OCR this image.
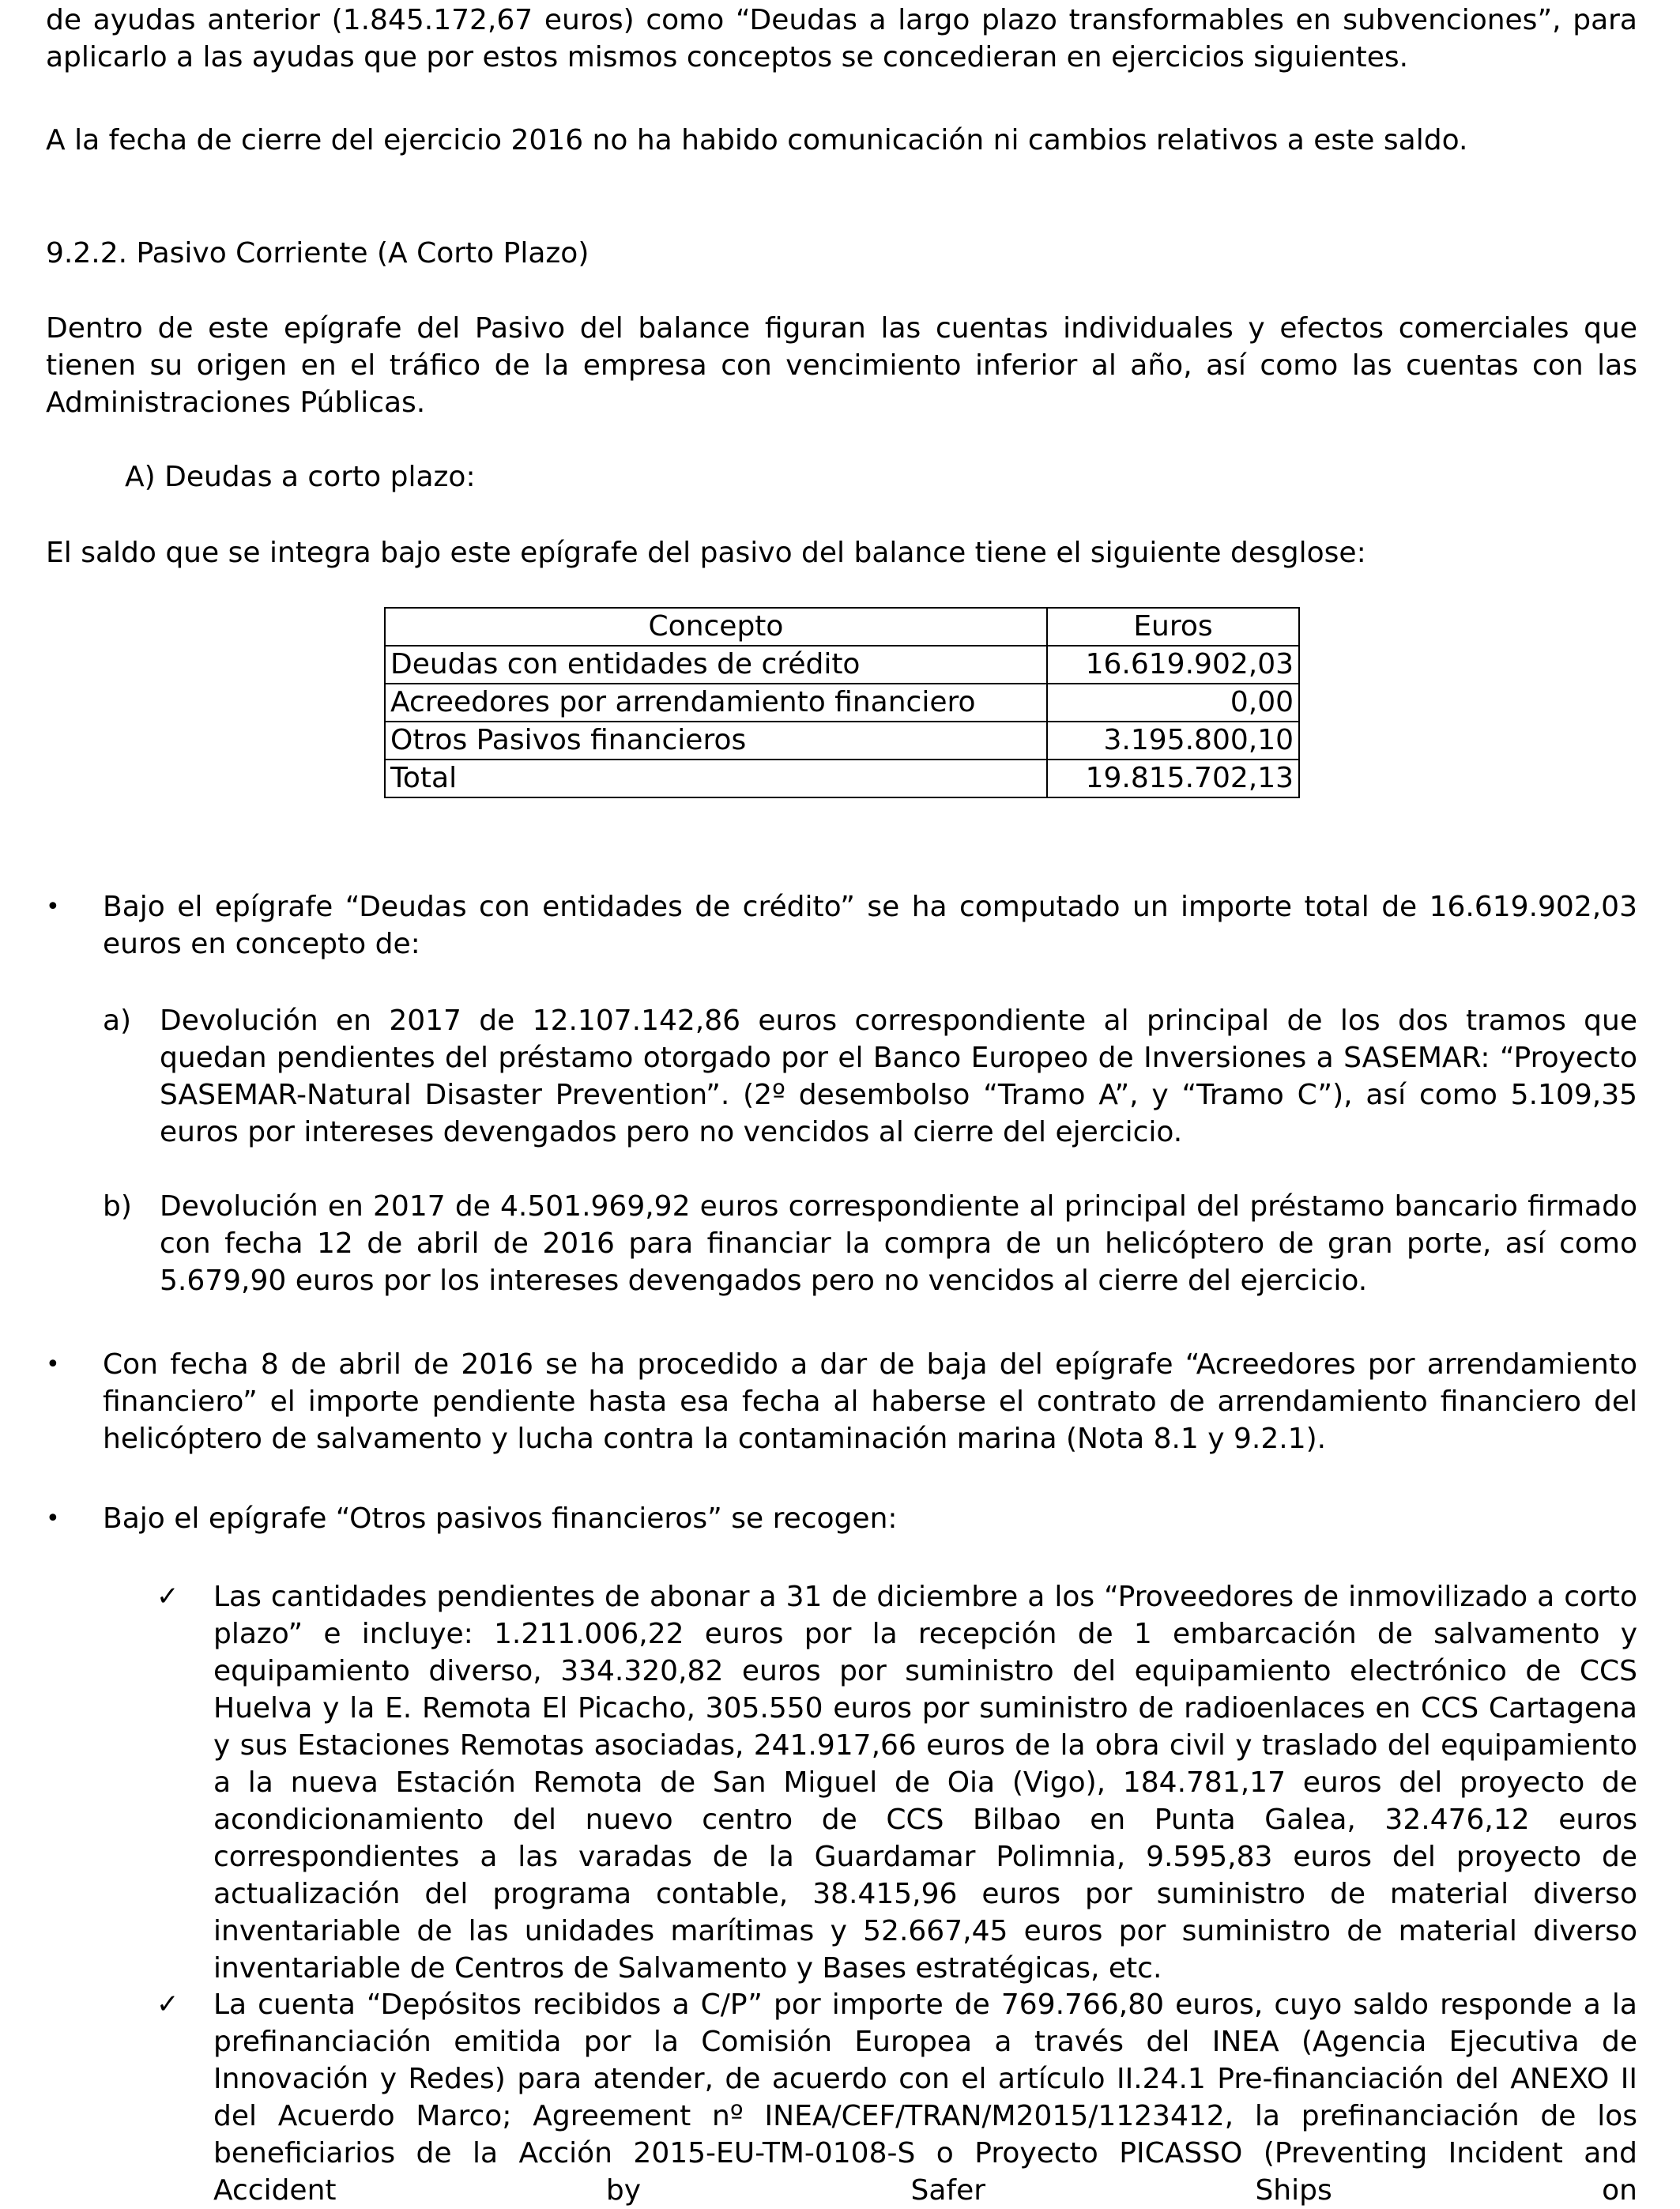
de ayudas anterior (1.845.172,67 euros) como “Deudas a largo plazo transformables en subvenciones”, para aplicarlo a las ayudas que por estos mismos conceptos se concedieran en ejercicios siguientes.

A la fecha de cierre del ejercicio 2016 no ha habido comunicación ni cambios relativos a este saldo.

9.2.2. Pasivo Corriente (A Corto Plazo)

Dentro de este epígrafe del Pasivo del balance figuran las cuentas individuales y efectos comerciales que tienen su origen en el tráfico de la empresa con vencimiento inferior al año, así como las cuentas con las Administraciones Públicas.

A) Deudas a corto plazo:

El saldo que se integra bajo este epígrafe del pasivo del balance tiene el siguiente desglose:

Concepto	Euros
Deudas con entidades de crédito	16.619.902,03
Acreedores por arrendamiento financiero	0,00
Otros Pasivos financieros	3.195.800,10
Total	19.815.702,13
•	Bajo el epígrafe “Deudas con entidades de crédito” se ha computado un importe total de 16.619.902,03 euros en concepto de:

a) Devolución en 2017 de 12.107.142,86 euros correspondiente al principal de los dos tramos que quedan pendientes del préstamo otorgado por el Banco Europeo de Inversiones a SASEMAR: “Proyecto SASEMAR-Natural Disaster Prevention”. (2º desembolso “Tramo A”, y “Tramo C”), así como 5.109,35 euros por intereses devengados pero no vencidos al cierre del ejercicio.

b) Devolución en 2017 de 4.501.969,92 euros correspondiente al principal del préstamo bancario firmado con fecha 12 de abril de 2016 para financiar la compra de un helicóptero de gran porte, así como 5.679,90 euros por los intereses devengados pero no vencidos al cierre del ejercicio.

•	Con fecha 8 de abril de 2016 se ha procedido a dar de baja del epígrafe “Acreedores por arrendamiento financiero” el importe pendiente hasta esa fecha al haberse el contrato de arrendamiento financiero del helicóptero de salvamento y lucha contra la contaminación marina (Nota 8.1 y 9.2.1).

•	Bajo el epígrafe “Otros pasivos financieros” se recogen:

✓ Las cantidades pendientes de abonar a 31 de diciembre a los “Proveedores de inmovilizado a corto plazo” e incluye: 1.211.006,22 euros por la recepción de 1 embarcación de salvamento y equipamiento diverso, 334.320,82 euros por suministro del equipamiento electrónico de CCS Huelva y la E. Remota El Picacho, 305.550 euros por suministro de radioenlaces en CCS Cartagena y sus Estaciones Remotas asociadas, 241.917,66 euros de la obra civil y traslado del equipamiento a la nueva Estación Remota de San Miguel de Oia (Vigo), 184.781,17 euros del proyecto de acondicionamiento del nuevo centro de CCS Bilbao en Punta Galea, 32.476,12 euros correspondientes a las varadas de la Guardamar Polimnia, 9.595,83 euros del proyecto de actualización del programa contable, 38.415,96 euros por suministro de material diverso inventariable de las unidades marítimas y 52.667,45 euros por suministro de material diverso inventariable de Centros de Salvamento y Bases estratégicas, etc.

✓ La cuenta “Depósitos recibidos a C/P” por importe de 769.766,80 euros, cuyo saldo responde a la prefinanciación emitida por la Comisión Europea a través del INEA (Agencia Ejecutiva de Innovación y Redes) para atender, de acuerdo con el artículo II.24.1 Pre-financiación del ANEXO II del Acuerdo Marco; Agreement nº INEA/CEF/TRAN/M2015/1123412, la prefinanciación de los beneficiarios de la Acción 2015-EU-TM-0108-S o Proyecto PICASSO (Preventing Incident and Accident by Safer Ships on
